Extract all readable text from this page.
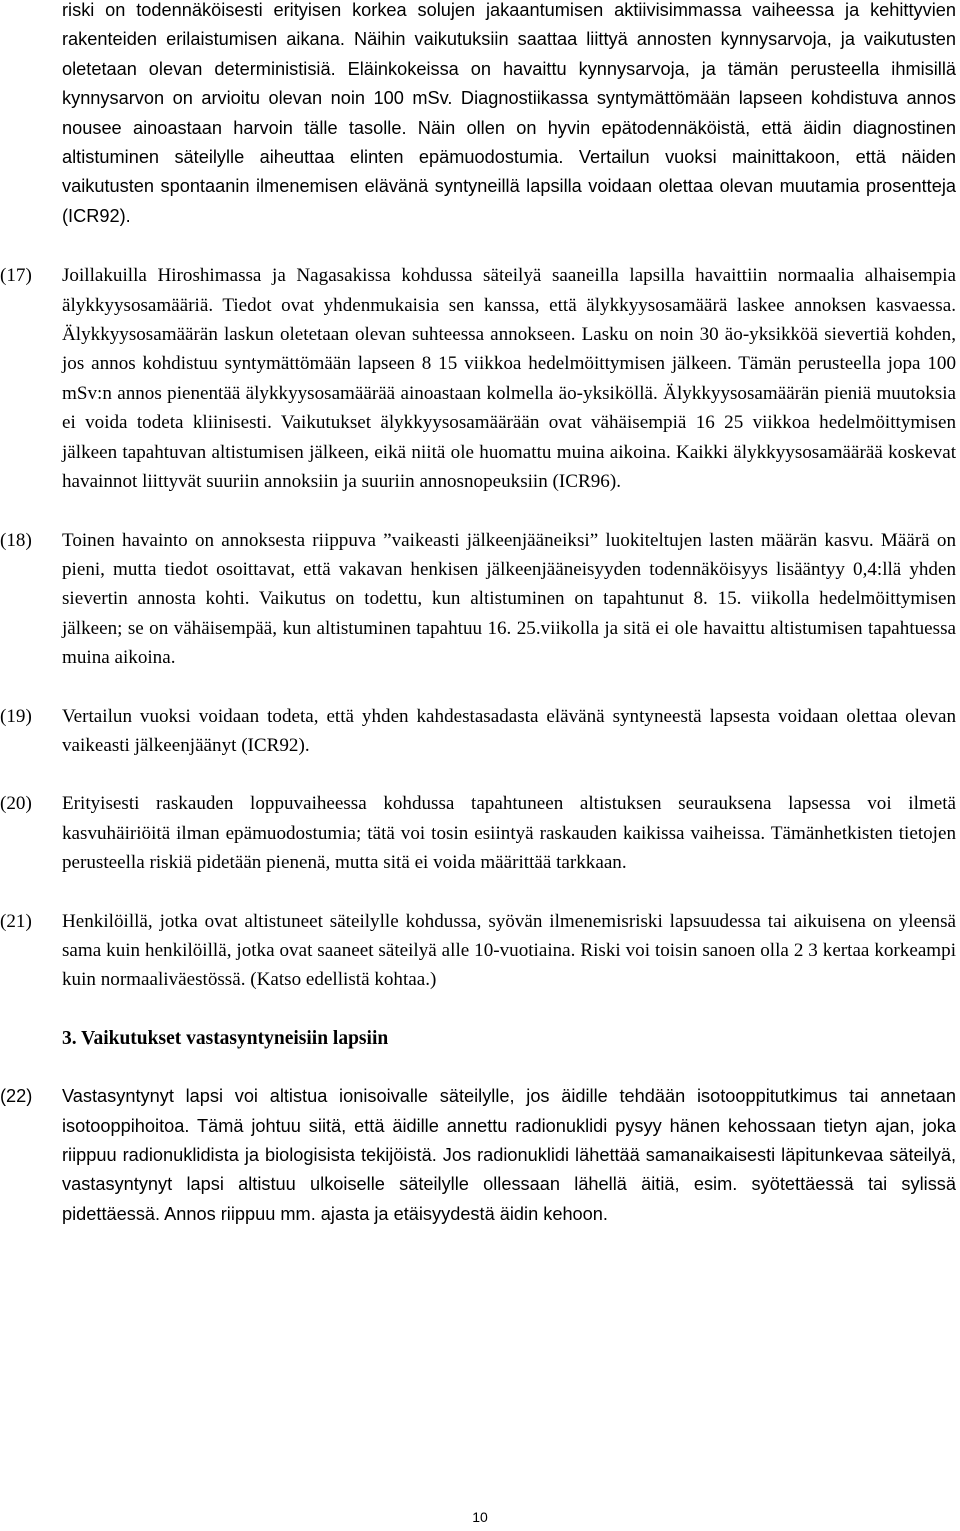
riski on todennäköisesti erityisen korkea solujen jakaantumisen aktiivisimmassa vaiheessa ja kehittyvien rakenteiden erilaistumisen aikana. Näihin vaikutuksiin saattaa liittyä annosten kynnysarvoja, ja vaikutusten oletetaan olevan deterministisiä. Eläinkokeissa on havaittu kynnysarvoja, ja tämän perusteella ihmisillä kynnysarvon on arvioitu olevan noin 100 mSv. Diagnostiikassa syntymättömään lapseen kohdistuva annos nousee ainoastaan harvoin tälle tasolle. Näin ollen on hyvin epätodennäköistä, että äidin diagnostinen altistuminen säteilylle aiheuttaa elinten epämuodostumia. Vertailun vuoksi mainittakoon, että näiden vaikutusten spontaanin ilmenemisen elävänä syntyneillä lapsilla voidaan olettaa olevan muutamia prosentteja (ICR92).

(17) Joillakuilla Hiroshimassa ja Nagasakissa kohdussa säteilyä saaneilla lapsilla havaittiin normaalia alhaisempia älykkyysosamääriä. Tiedot ovat yhdenmukaisia sen kanssa, että älykkyysosamäärä laskee annoksen kasvaessa. Älykkyysosamäärän laskun oletetaan olevan suhteessa annokseen. Lasku on noin 30 äo-yksikköä sievertiä kohden, jos annos kohdistuu syntymättömään lapseen 8 15 viikkoa hedelmöittymisen jälkeen. Tämän perusteella jopa 100 mSv:n annos pienentää älykkyysosamäärää ainoastaan kolmella äo-yksiköllä. Älykkyysosamäärän pieniä muutoksia ei voida todeta kliinisesti. Vaikutukset älykkyysosamäärään ovat vähäisempiä 16 25 viikkoa hedelmöittymisen jälkeen tapahtuvan altistumisen jälkeen, eikä niitä ole huomattu muina aikoina. Kaikki älykkyysosamäärää koskevat havainnot liittyvät suuriin annoksiin ja suuriin annosnopeuksiin (ICR96).

(18) Toinen havainto on annoksesta riippuva ”vaikeasti jälkeenjääneiksi” luokiteltujen lasten määrän kasvu. Määrä on pieni, mutta tiedot osoittavat, että vakavan henkisen jälkeenjääneisyyden todennäköisyys lisääntyy 0,4:llä yhden sievertin annosta kohti. Vaikutus on todettu, kun altistuminen on tapahtunut 8. 15. viikolla hedelmöittymisen jälkeen; se on vähäisempää, kun altistuminen tapahtuu 16. 25.viikolla ja sitä ei ole havaittu altistumisen tapahtuessa muina aikoina.

(19) Vertailun vuoksi voidaan todeta, että yhden kahdestasadasta elävänä syntyneestä lapsesta voidaan olettaa olevan vaikeasti jälkeenjäänyt (ICR92).

(20) Erityisesti raskauden loppuvaiheessa kohdussa tapahtuneen altistuksen seurauksena lapsessa voi ilmetä kasvuhäiriöitä ilman epämuodostumia; tätä voi tosin esiintyä raskauden kaikissa vaiheissa. Tämänhetkisten tietojen perusteella riskiä pidetään pienenä, mutta sitä ei voida määrittää tarkkaan.

(21) Henkilöillä, jotka ovat altistuneet säteilylle kohdussa, syövän ilmenemisriski lapsuudessa tai aikuisena on yleensä sama kuin henkilöillä, jotka ovat saaneet säteilyä alle 10-vuotiaina. Riski voi toisin sanoen olla 2 3 kertaa korkeampi kuin normaaliväestössä. (Katso edellistä kohtaa.)

3. Vaikutukset vastasyntyneisiin lapsiin

(22) Vastasyntynyt lapsi voi altistua ionisoivalle säteilylle, jos äidille tehdään isotooppitutkimus tai annetaan isotooppihoitoa. Tämä johtuu siitä, että äidille annettu radionuklidi pysyy hänen kehossaan tietyn ajan, joka riippuu radionuklidista ja biologisista tekijöistä. Jos radionuklidi lähettää samanaikaisesti läpitunkevaa säteilyä, vastasyntynyt lapsi altistuu ulkoiselle säteilylle ollessaan lähellä äitiä, esim. syötettäessä tai sylissä pidettäessä. Annos riippuu mm. ajasta ja etäisyydestä äidin kehoon.

10
